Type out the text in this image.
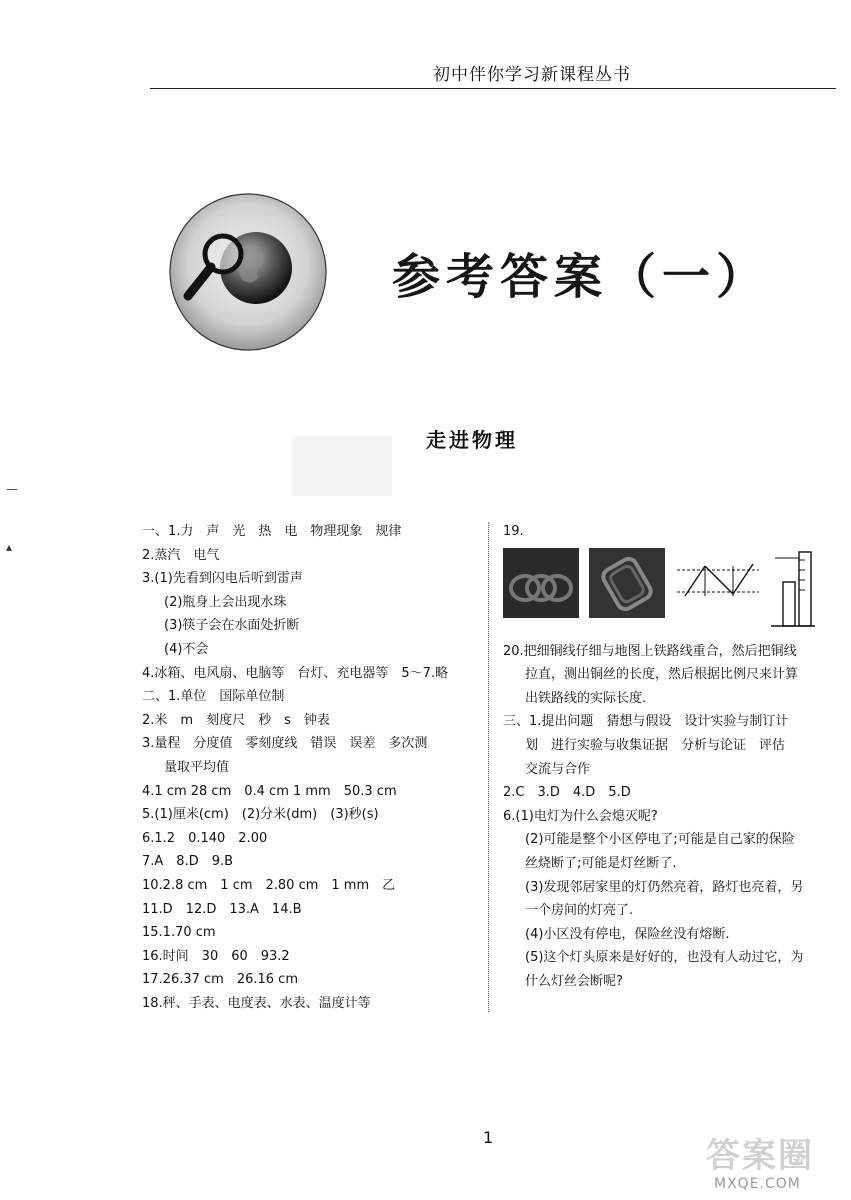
初中伴你学习新课程丛书
参考答案（一）
走进物理
—
▴
一、1.力　声　光　热　电　物理现象　规律
2.蒸汽　电气
3.(1)先看到闪电后听到雷声
(2)瓶身上会出现水珠
(3)筷子会在水面处折断
(4)不会
4.冰箱、电风扇、电脑等　台灯、充电器等　5～7.略
二、1.单位　国际单位制
2.米　m　刻度尺　秒　s　钟表
3.量程　分度值　零刻度线　错误　误差　多次测
量取平均值
4.1 cm 28 cm　0.4 cm 1 mm　50.3 cm
5.(1)厘米(cm)　(2)分米(dm)　(3)秒(s)
6.1.2　0.140　2.00
7.A　8.D　9.B
10.2.8 cm　1 cm　2.80 cm　1 mm　乙
11.D　12.D　13.A　14.B
15.1.70 cm
16.时间　30　60　93.2
17.26.37 cm　26.16 cm
18.秤、手表、电度表、水表、温度计等
19.
20.把细铜线仔细与地图上铁路线重合，然后把铜线
拉直，测出铜丝的长度，然后根据比例尺来计算
出铁路线的实际长度.
三、1.提出问题　猜想与假设　设计实验与制订计
划　进行实验与收集证据　分析与论证　评估
交流与合作
2.C　3.D　4.D　5.D
6.(1)电灯为什么会熄灭呢?
(2)可能是整个小区停电了;可能是自己家的保险
丝烧断了;可能是灯丝断了.
(3)发现邻居家里的灯仍然亮着，路灯也亮着，另
一个房间的灯亮了.
(4)小区没有停电，保险丝没有熔断.
(5)这个灯头原来是好好的，也没有人动过它，为
什么灯丝会断呢?
1	答案圈
MXQE.COM
